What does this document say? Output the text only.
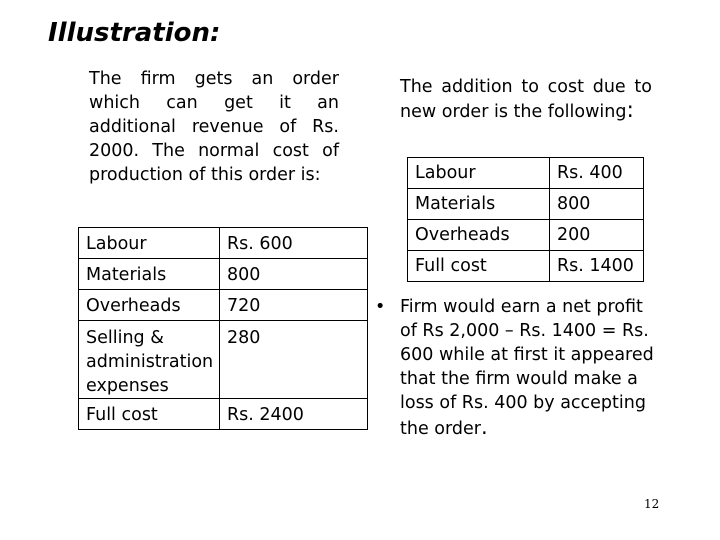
Illustration:

The firm gets an order which can get it an additional revenue of Rs. 2000. The normal cost of production of this order is:

Labour	Rs. 600
Materials	800
Overheads	720
Selling & administration expenses	280
Full cost	Rs. 2400

The addition to cost due to new order is the following:

Labour	Rs. 400
Materials	800
Overheads	200
Full cost	Rs. 1400
• Firm would earn a net profit of Rs 2,000 – Rs. 1400 = Rs. 600 while at first it appeared that the firm would make a loss of Rs. 400 by accepting the order.
12
